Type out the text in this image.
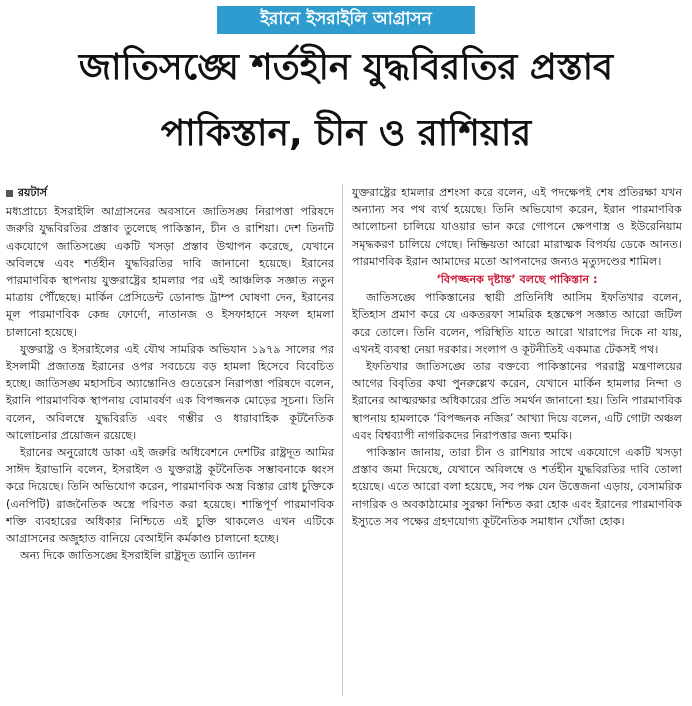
ইরানে ইসরাইলি আগ্রাসন
জাতিসঙ্ঘে শর্তহীন যুদ্ধবিরতির প্রস্তাব
পাকিস্তান, চীন ও রাশিয়ার
রয়টার্স

মধ্যপ্রাচ্যে ইসরাইলি আগ্রাসনের অবসানে জাতিসঙ্ঘ নিরাপত্তা পরিষদে জরুরি যুদ্ধবিরতির প্রস্তাব তুলেছে পাকিস্তান, চীন ও রাশিয়া। দেশ তিনটি একযোগে জাতিসঙ্ঘে একটি খসড়া প্রস্তাব উত্থাপন করেছে, যেখানে অবিলম্বে এবং শর্তহীন যুদ্ধবিরতির দাবি জানানো হয়েছে। ইরানের পারমাণবিক স্থাপনায় যুক্তরাষ্ট্রের হামলার পর এই আঞ্চলিক সজ্ঞাত নতুন মাত্রায় পৌঁছেছে। মার্কিন প্রেসিডেন্ট ডোনাল্ড ট্রাম্প ঘোষণা দেন, ইরানের মূল পারমাণবিক কেন্দ্র ফোর্দো, নাতানজ ও ইসফাহানে সফল হামলা চালানো হয়েছে।

যুক্তরাষ্ট্র ও ইসরাইলের এই যৌথ সামরিক অভিযান ১৯৭৯ সালের পর ইসলামী প্রজাতন্ত্র ইরানের ওপর সবচেয়ে বড় হামলা হিসেবে বিবেচিত হচ্ছে। জাতিসঙ্ঘ মহাসচিব অ্যান্তোনিও গুতেরেস নিরাপত্তা পরিষদে বলেন, ইরানি পারমাণবিক স্থাপনায় বোমাবর্ষণ এক বিপজ্জনক মোড়ের সূচনা। তিনি বলেন, অবিলম্বে যুদ্ধবিরতি এবং গম্ভীর ও ধারাবাহিক কূটনৈতিক আলোচনার প্রয়োজন রয়েছে।

ইরানের অনুরোধে ডাকা এই জরুরি অধিবেশনে দেশটির রাষ্ট্রদূত আমির সাঈদ ইরাভানি বলেন, ইসরাইল ও যুক্তরাষ্ট্র কূটনৈতিক সম্ভাবনাকে ধ্বংস করে দিয়েছে। তিনি অভিযোগ করেন, পারমাণবিক অস্ত্র বিস্তার রোধ চুক্তিকে (এনপিটি) রাজনৈতিক অস্ত্রে পরিণত করা হয়েছে। শান্তিপূর্ণ পারমাণবিক শক্তি ব্যবহারের অধিকার নিশ্চিতে এই চুক্তি থাকলেও এখন এটিকে আগ্রাসনের অজুহাত বানিয়ে বেআইনি কর্মকাণ্ড চালানো হচ্ছে।

অন্য দিকে জাতিসঙ্ঘে ইসরাইলি রাষ্ট্রদূত ড্যানি ড্যানন

যুক্তরাষ্ট্রের হামলার প্রশংসা করে বলেন, এই পদক্ষেপই শেষ প্রতিরক্ষা যখন অন্যান্য সব পথ ব্যর্থ হয়েছে। তিনি অভিযোগ করেন, ইরান পারমাণবিক আলোচনা চালিয়ে যাওয়ার ভান করে গোপনে ক্ষেপণাস্ত্র ও ইউরেনিয়াম সমৃদ্ধকরণ চালিয়ে গেছে। নিষ্ক্রিয়তা আরো মারাত্মক বিপর্যয় ডেকে আনত। পারমাণবিক ইরান আমাদের মতো আপনাদের জন্যও মৃত্যুদণ্ডের শামিল।

‘বিপজ্জনক দৃষ্টান্ত’ বলছে পাকিস্তান :

জাতিসঙ্ঘে পাকিস্তানের স্থায়ী প্রতিনিধি আসিম ইফতিখার বলেন, ইতিহাস প্রমাণ করে যে একতরফা সামরিক হস্তক্ষেপ সজ্ঞাত আরো জটিল করে তোলে। তিনি বলেন, পরিস্থিতি যাতে আরো খারাপের দিকে না যায়, এখনই ব্যবস্থা নেয়া দরকার। সংলাপ ও কূটনীতিই একমাত্র টেকসই পথ।

ইফতিখার জাতিসঙ্ঘে তার বক্তব্যে পাকিস্তানের পররাষ্ট্র মন্ত্রণালয়ের আগের বিবৃতির কথা পুনরুল্লেখ করেন, যেখানে মার্কিন হামলার নিন্দা ও ইরানের আত্মরক্ষার অধিকারের প্রতি সমর্থন জানানো হয়। তিনি পারমাণবিক স্থাপনায় হামলাকে ‘বিপজ্জনক নজির’ আখ্যা দিয়ে বলেন, এটি গোটা অঞ্চল এবং বিশ্বব্যাপী নাগরিকদের নিরাপত্তার জন্য হুমকি।

পাকিস্তান জানায়, তারা চীন ও রাশিয়ার সাথে একযোগে একটি খসড়া প্রস্তাব জমা দিয়েছে, যেখানে অবিলম্বে ও শর্তহীন যুদ্ধবিরতির দাবি তোলা হয়েছে। এতে আরো বলা হয়েছে, সব পক্ষ যেন উত্তেজনা এড়ায়, বেসামরিক নাগরিক ও অবকাঠামোর সুরক্ষা নিশ্চিত করা হোক এবং ইরানের পারমাণবিক ইস্যুতে সব পক্ষের গ্রহণযোগ্য কূটনৈতিক সমাধান খোঁজা হোক।
